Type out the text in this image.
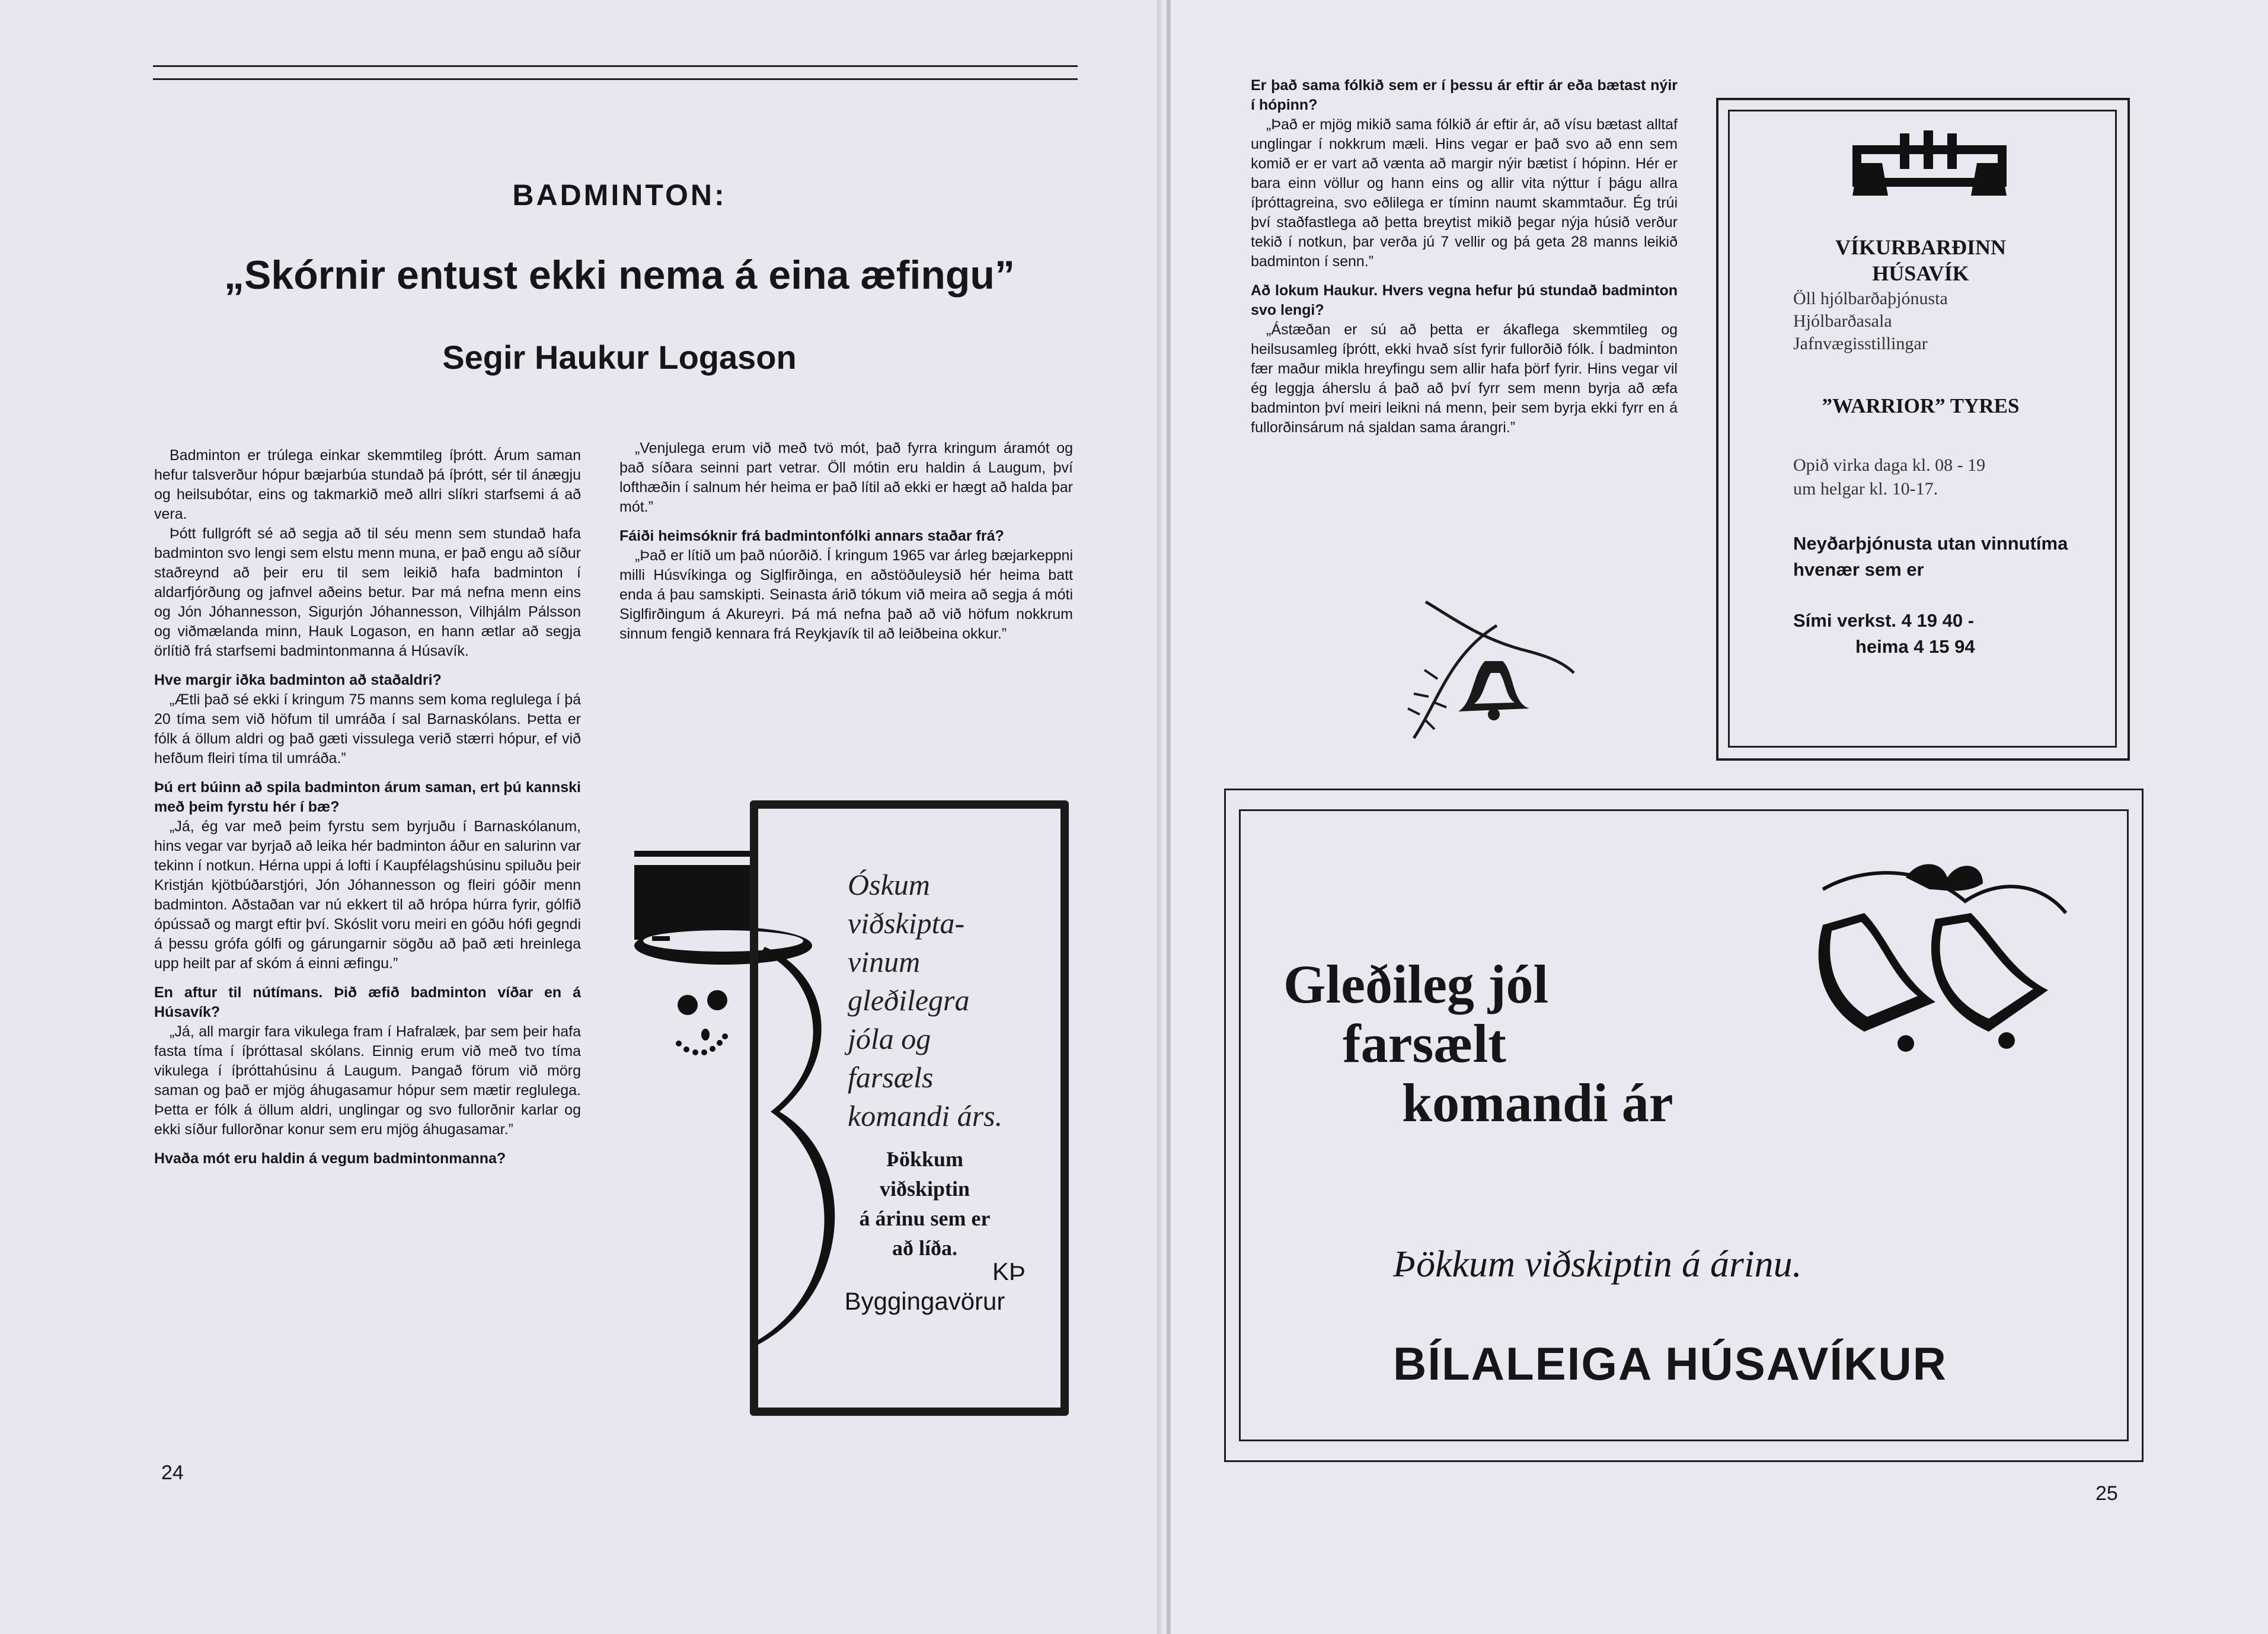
BADMINTON:
„Skórnir entust ekki nema á eina æfingu”
Segir Haukur Logason

Badminton er trúlega einkar skemmtileg íþrótt. Árum saman hefur talsverður hópur bæjarbúa stundað þá íþrótt, sér til ánægju og heilsubótar, eins og takmarkið með allri slíkri starfsemi á að vera.

Þótt fullgróft sé að segja að til séu menn sem stundað hafa badminton svo lengi sem elstu menn muna, er það engu að síður staðreynd að þeir eru til sem leikið hafa badminton í aldarfjórðung og jafnvel aðeins betur. Þar má nefna menn eins og Jón Jóhannesson, Sigurjón Jóhannesson, Vilhjálm Pálsson og viðmælanda minn, Hauk Logason, en hann ætlar að segja örlítið frá starfsemi badmintonmanna á Húsavík.

Hve margir iðka badminton að staðaldri?

„Ætli það sé ekki í kringum 75 manns sem koma reglulega í þá 20 tíma sem við höfum til umráða í sal Barnaskólans. Þetta er fólk á öllum aldri og það gæti vissulega verið stærri hópur, ef við hefðum fleiri tíma til umráða.”

Þú ert búinn að spila badminton árum saman, ert þú kannski með þeim fyrstu hér í bæ?

„Já, ég var með þeim fyrstu sem byrjuðu í Barnaskólanum, hins vegar var byrjað að leika hér badminton áður en salurinn var tekinn í notkun. Hérna uppi á lofti í Kaupfélagshúsinu spiluðu þeir Kristján kjötbúðarstjóri, Jón Jóhannesson og fleiri góðir menn badminton. Aðstaðan var nú ekkert til að hrópa húrra fyrir, gólfið ópússað og margt eftir því. Skóslit voru meiri en góðu hófi gegndi á þessu grófa gólfi og gárungarnir sögðu að það æti hreinlega upp heilt par af skóm á einni æfingu.”

En aftur til nútímans. Þið æfið badminton víðar en á Húsavík?

„Já, all margir fara vikulega fram í Hafralæk, þar sem þeir hafa fasta tíma í íþróttasal skólans. Einnig erum við með tvo tíma vikulega í íþróttahúsinu á Laugum. Þangað förum við mörg saman og það er mjög áhugasamur hópur sem mætir reglulega. Þetta er fólk á öllum aldri, unglingar og svo fullorðnir karlar og ekki síður fullorðnar konur sem eru mjög áhugasamar.”

Hvaða mót eru haldin á vegum badmintonmanna?

„Venjulega erum við með tvö mót, það fyrra kringum áramót og það síðara seinni part vetrar. Öll mótin eru haldin á Laugum, því lofthæðin í salnum hér heima er það lítil að ekki er hægt að halda þar mót.”

Fáiði heimsóknir frá badmintonfólki annars staðar frá?

„Það er lítið um það núorðið. Í kringum 1965 var árleg bæjarkeppni milli Húsvíkinga og Siglfirðinga, en aðstöðuleysið hér heima batt enda á þau samskipti. Seinasta árið tókum við meira að segja á móti Siglfirðingum á Akureyri. Þá má nefna það að við höfum nokkrum sinnum fengið kennara frá Reykjavík til að leiðbeina okkur.”

Óskum
viðskipta-
vinum
gleðilegra
jóla og
farsæls
komandi árs.
Þökkum
viðskiptin
á árinu sem er
að líða.
KÞ
Byggingavörur
24

Er það sama fólkið sem er í þessu ár eftir ár eða bætast nýir í hópinn?

„Það er mjög mikið sama fólkið ár eftir ár, að vísu bætast alltaf unglingar í nokkrum mæli. Hins vegar er það svo að enn sem komið er er vart að vænta að margir nýir bætist í hópinn. Hér er bara einn völlur og hann eins og allir vita nýttur í þágu allra íþróttagreina, svo eðlilega er tíminn naumt skammtaður. Ég trúi því staðfastlega að þetta breytist mikið þegar nýja húsið verður tekið í notkun, þar verða jú 7 vellir og þá geta 28 manns leikið badminton í senn.”

Að lokum Haukur. Hvers vegna hefur þú stundað badminton svo lengi?

„Ástæðan er sú að þetta er ákaflega skemmtileg og heilsusamleg íþrótt, ekki hvað síst fyrir fullorðið fólk. Í badminton fær maður mikla hreyfingu sem allir hafa þörf fyrir. Hins vegar vil ég leggja áherslu á það að því fyrr sem menn byrja að æfa badminton því meiri leikni ná menn, þeir sem byrja ekki fyrr en á fullorðinsárum ná sjaldan sama árangri.”

VÍKURBARÐINN
HÚSAVÍK
Öll hjólbarðaþjónusta
Hjólbarðasala
Jafnvægisstillingar
”WARRIOR” TYRES
Opið virka daga kl. 08 - 19
um helgar kl. 10-17.
Neyðarþjónusta utan vinnutíma hvenær sem er
Sími verkst. 4 19 40 -
heima 4 15 94
Gleðileg jól
farsælt
komandi ár
Þökkum viðskiptin á árinu.
BÍLALEIGA HÚSAVÍKUR
25
